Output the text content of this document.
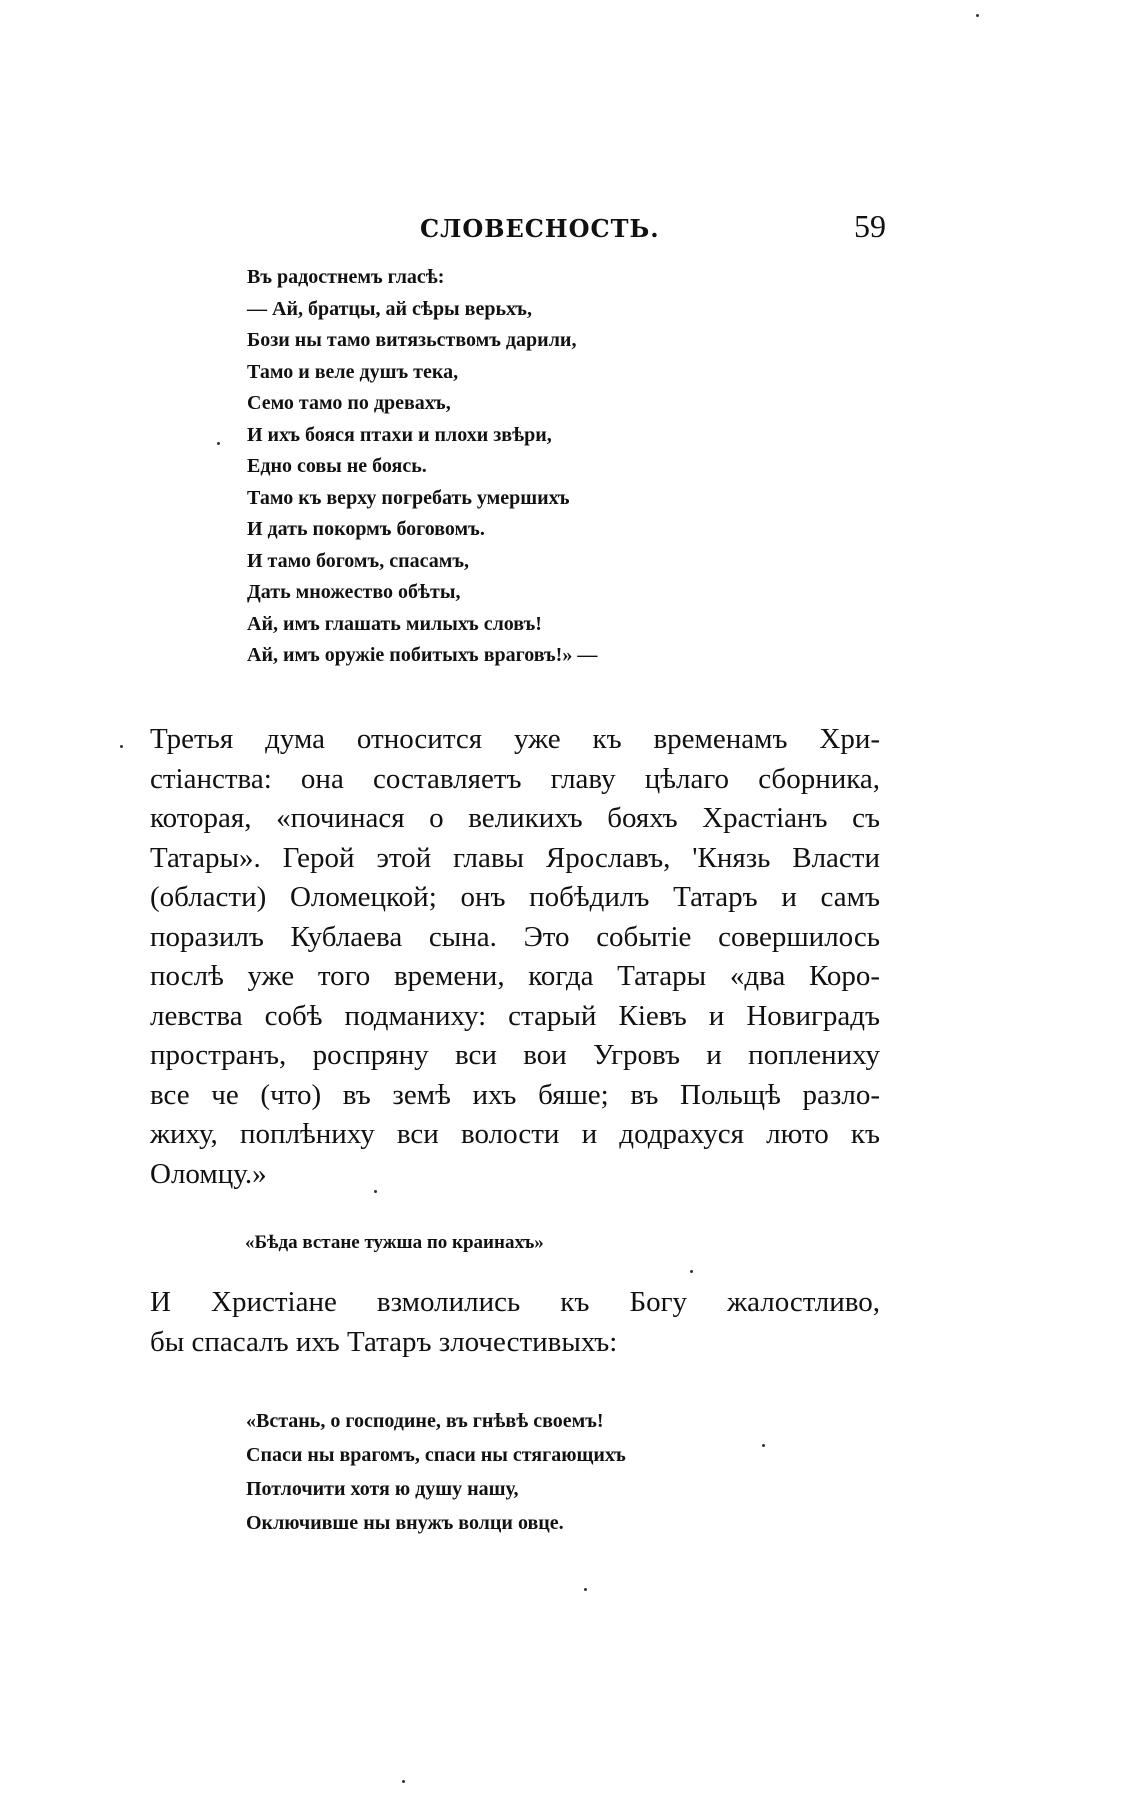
СЛОВЕСНОСТЬ.	59
Въ радостнемъ гласѣ:
— Ай, братцы, ай сѣры верьхъ,
Бози ны тамо витязьствомъ дарили,
Тамо и веле душъ тека,
Семо тамо по древахъ,
И ихъ бояся птахи и плохи звѣри,
Едно совы не боясь.
Тамо къ верху погребать умершихъ
И дать покормъ боговомъ.
И тамо богомъ, спасамъ,
Дать множество обѣты,
Ай, имъ глашать милыхъ словъ!
Ай, имъ оружіе побитыхъ враговъ!» —
Третья дума относится уже къ временамъ Хри-
стіанства: она составляетъ главу цѣлаго сборника,
которая, «починася о великихъ бояхъ Храстіанъ съ
Татары». Герой этой главы Ярославъ, 'Князь Власти
(области) Оломецкой; онъ побѣдилъ Татаръ и самъ
поразилъ Кублаева сына. Это событіе совершилось
послѣ уже того времени, когда Татары «два Коро-
левства собѣ подманиху: старый Кіевъ и Новиградъ
пространъ, роспряну вси вои Угровъ и поплениху
все че (что) въ земѣ ихъ бяше; въ Польщѣ разло-
жиху, поплѣниху вси волости и додрахуся люто къ
Оломцу.»
«Бѣда встане тужша по краинахъ»
И Христіане взмолились къ Богу жалостливо,
бы спасалъ ихъ Татаръ злочестивыхъ:
«Встань, о господине, въ гнѣвѣ своемъ!
Спаси ны врагомъ, спаси ны стягающихъ
Потлочити хотя ю душу нашу,
Оключивше ны внужъ волци овце.
